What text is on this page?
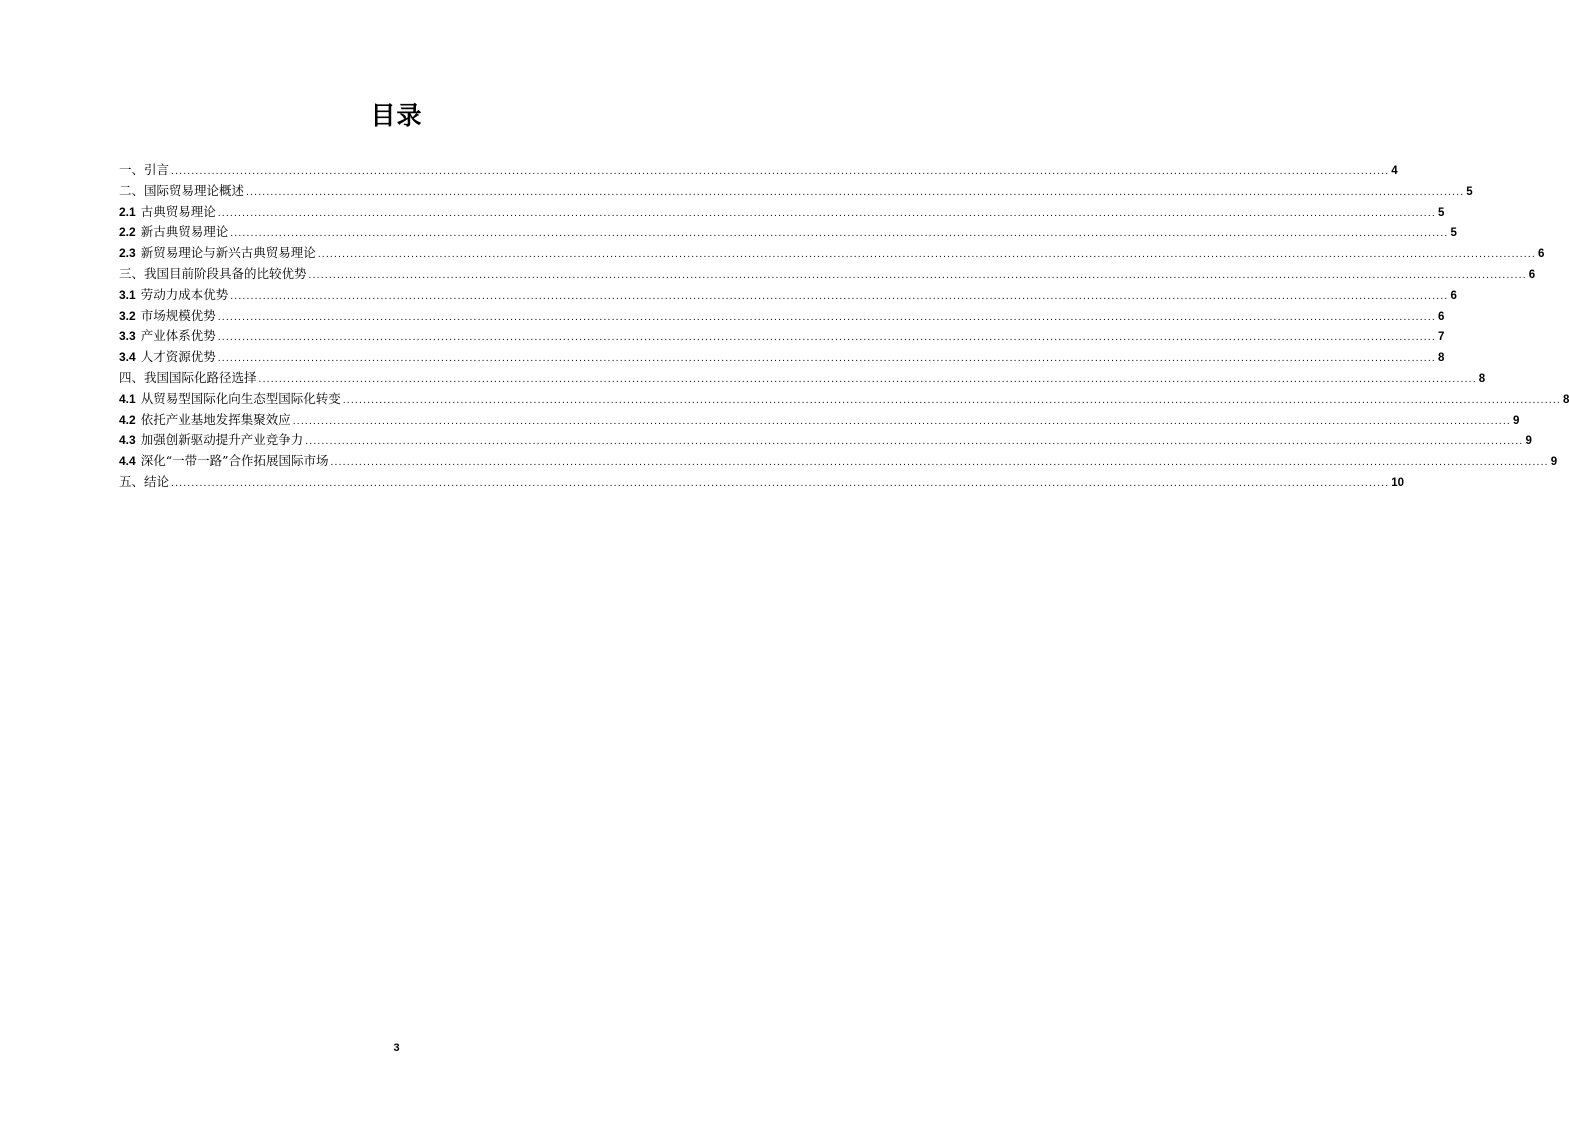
目录
一、引言 ............................................................................................................................................................................................................................................................................................................ 4
二、国际贸易理论概述 ............................................................................................................................................................................................................................................................................................................ 5
2.1 古典贸易理论 ............................................................................................................................................................................................................................................................................................................ 5
2.2 新古典贸易理论 ............................................................................................................................................................................................................................................................................................................ 5
2.3 新贸易理论与新兴古典贸易理论 ............................................................................................................................................................................................................................................................................................................ 6
三、我国目前阶段具备的比较优势 ............................................................................................................................................................................................................................................................................................................ 6
3.1 劳动力成本优势 ............................................................................................................................................................................................................................................................................................................ 6
3.2 市场规模优势 ............................................................................................................................................................................................................................................................................................................ 6
3.3 产业体系优势 ............................................................................................................................................................................................................................................................................................................ 7
3.4 人才资源优势 ............................................................................................................................................................................................................................................................................................................ 8
四、我国国际化路径选择 ............................................................................................................................................................................................................................................................................................................ 8
4.1 从贸易型国际化向生态型国际化转变 ............................................................................................................................................................................................................................................................................................................ 8
4.2 依托产业基地发挥集聚效应 ............................................................................................................................................................................................................................................................................................................ 9
4.3 加强创新驱动提升产业竞争力 ............................................................................................................................................................................................................................................................................................................ 9
4.4 深化“一带一路”合作拓展国际市场 ............................................................................................................................................................................................................................................................................................................ 9
五、结论 ............................................................................................................................................................................................................................................................................................................ 10
3
